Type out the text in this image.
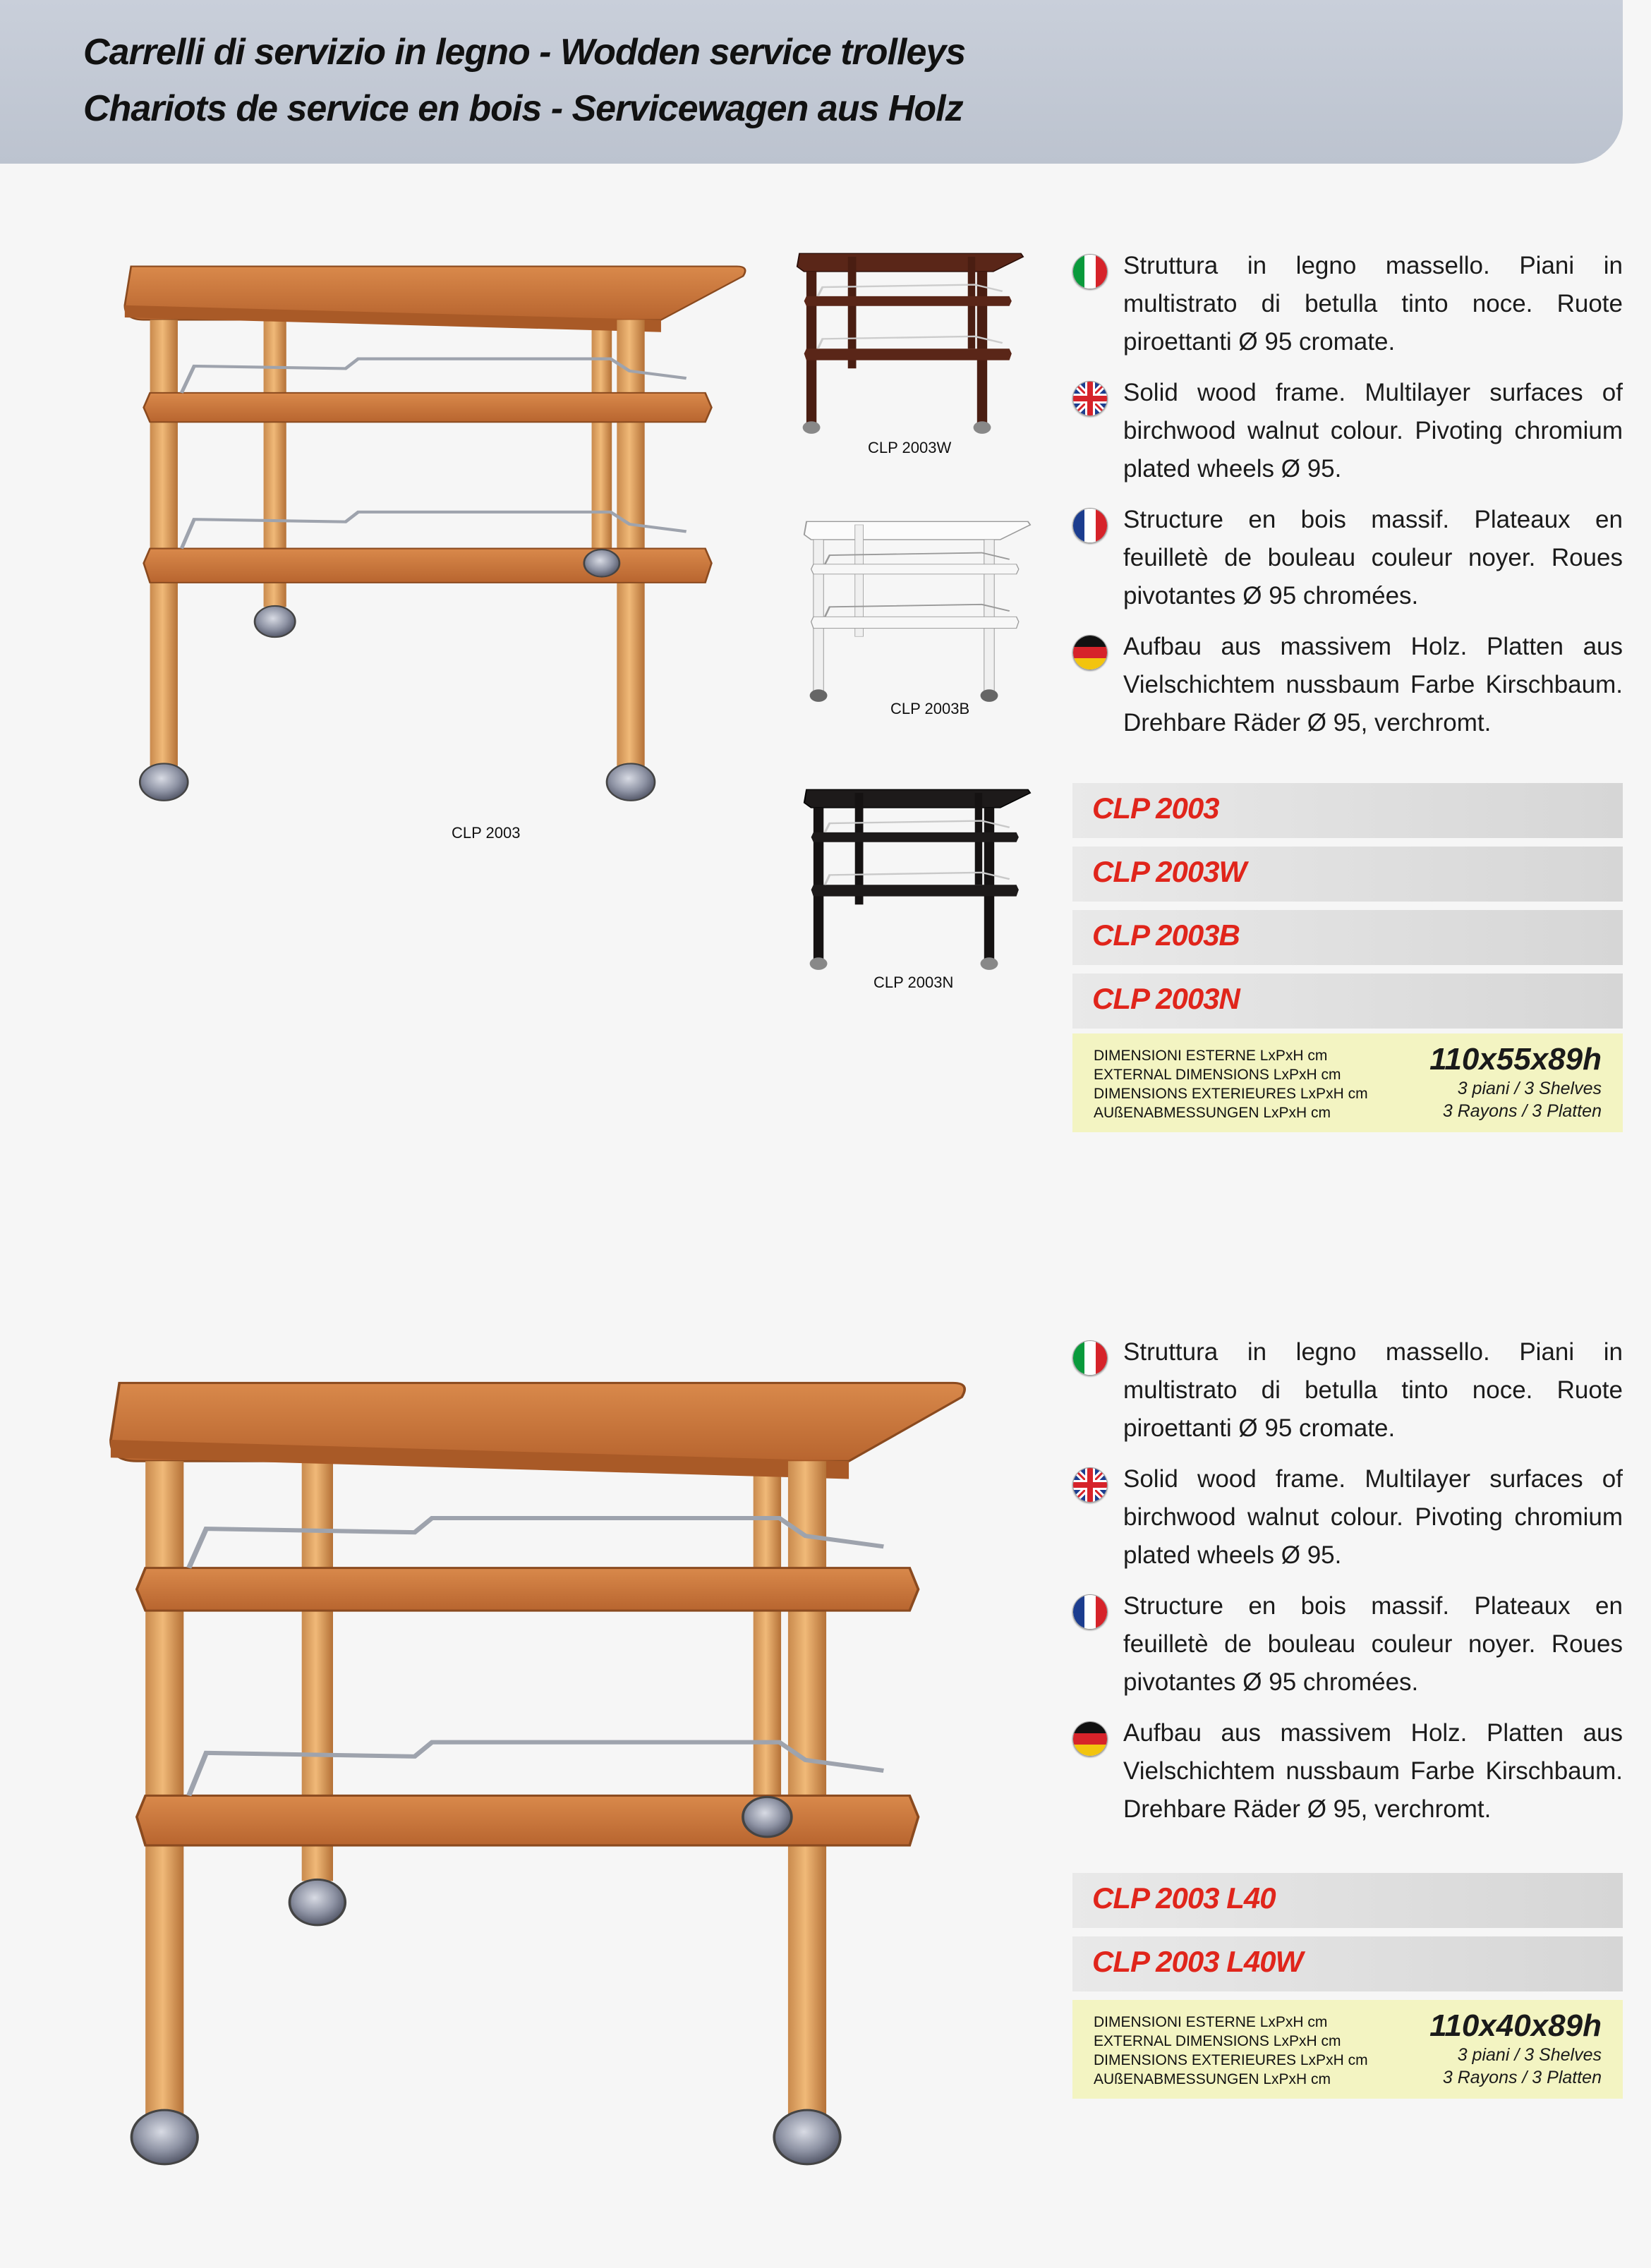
Carrelli di servizio in legno - Wodden service trolleys
Chariots de service en bois - Servicewagen aus Holz
CLP 2003
CLP 2003W
CLP 2003B
CLP 2003N
Struttura in legno massello. Piani in multistrato di betulla tinto noce. Ruote piroettanti Ø 95 cromate.
Solid wood frame. Multilayer surfaces of birchwood walnut colour. Pivoting chromium plated wheels Ø 95.
Structure en bois massif. Plateaux en feuilletè de bouleau couleur noyer. Roues pivotantes Ø 95 chromées.
Aufbau aus massivem Holz. Platten aus Vielschichtem nussbaum Farbe Kirschbaum. Drehbare Räder Ø 95, verchromt.
CLP 2003
CLP 2003W
CLP 2003B
CLP 2003N
DIMENSIONI ESTERNE LxPxH cm
EXTERNAL DIMENSIONS LxPxH cm
DIMENSIONS EXTERIEURES LxPxH cm
AUßENABMESSUNGEN LxPxH cm
110x55x89h
3 piani / 3 Shelves
3 Rayons / 3 Platten
Struttura in legno massello. Piani in multistrato di betulla tinto noce. Ruote piroettanti Ø 95 cromate.
Solid wood frame. Multilayer surfaces of birchwood walnut colour. Pivoting chromium plated wheels Ø 95.
Structure en bois massif. Plateaux en feuilletè de bouleau couleur noyer. Roues pivotantes Ø 95 chromées.
Aufbau aus massivem Holz. Platten aus Vielschichtem nussbaum Farbe Kirschbaum. Drehbare Räder Ø 95, verchromt.
CLP 2003 L40
CLP 2003 L40W
DIMENSIONI ESTERNE LxPxH cm
EXTERNAL DIMENSIONS LxPxH cm
DIMENSIONS EXTERIEURES LxPxH cm
AUßENABMESSUNGEN LxPxH cm
110x40x89h
3 piani / 3 Shelves
3 Rayons / 3 Platten
